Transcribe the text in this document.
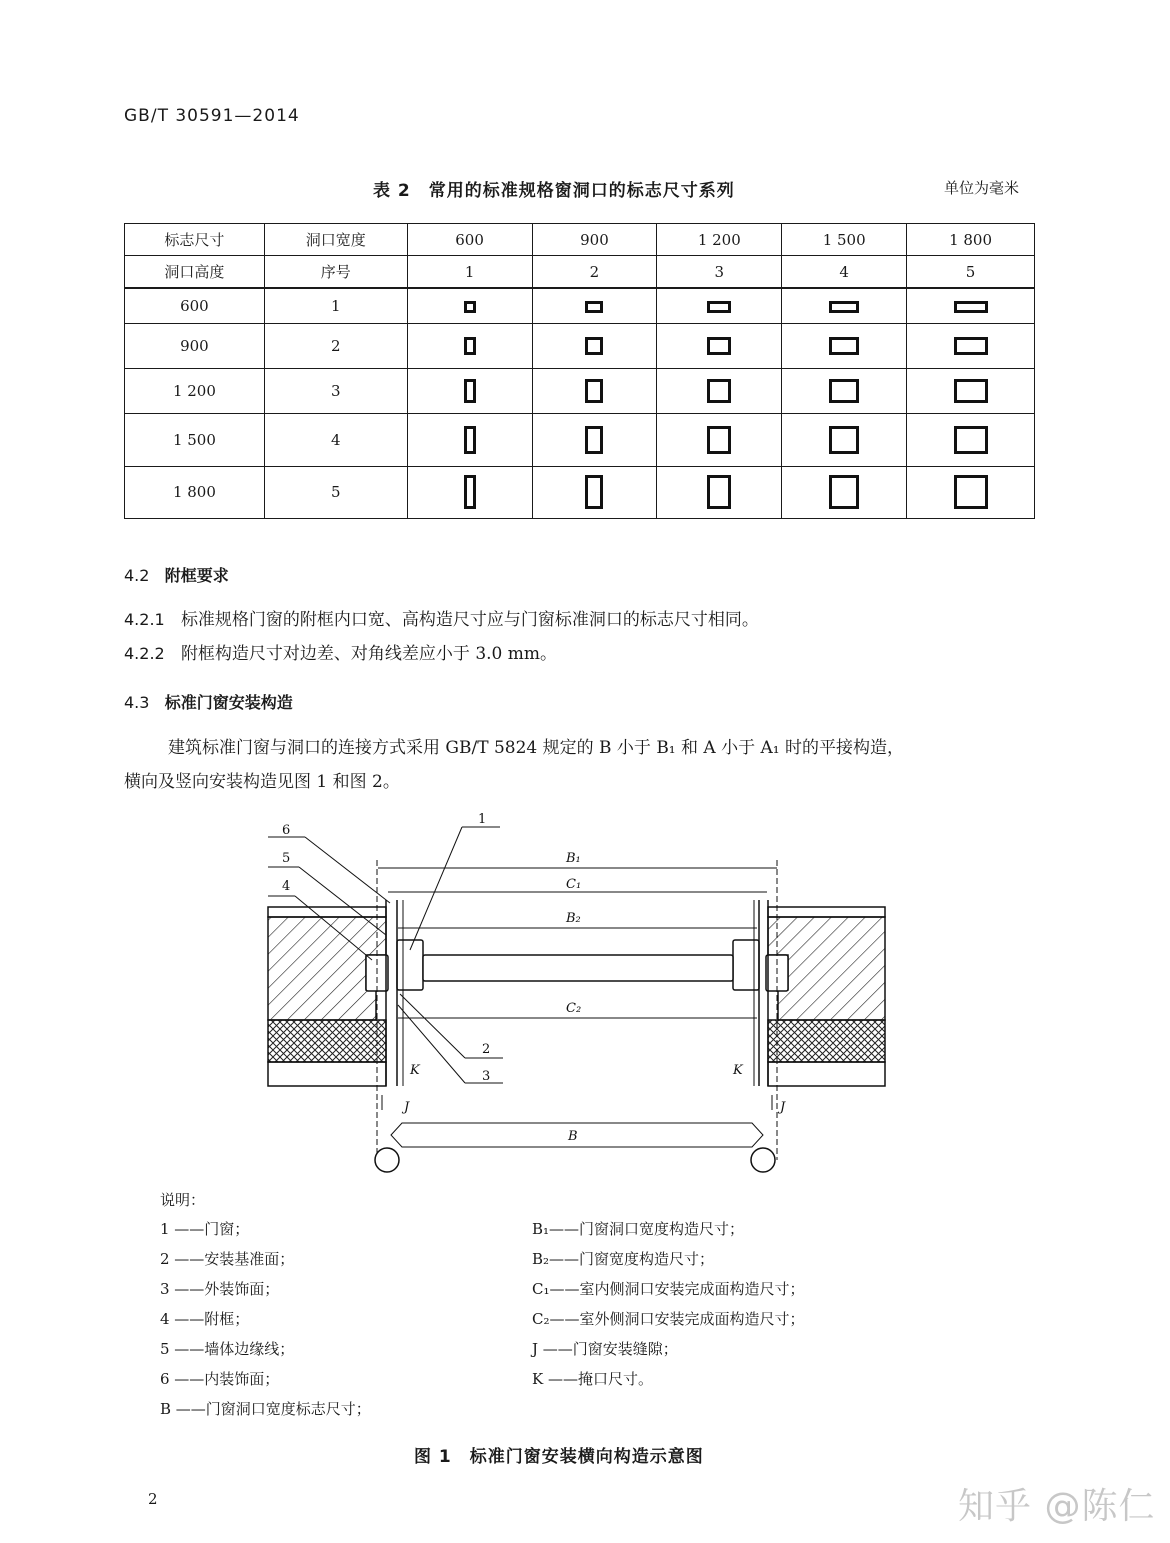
GB/T 30591—2014
表 2　常用的标准规格窗洞口的标志尺寸系列	单位为毫米
标志尺寸	洞口宽度	600	900	1 200	1 500	1 800
洞口高度	序号	1	2	3	4	5
600	1					
900	2					
1 200	3					
1 500	4					
1 800	5					
4.2 附框要求
4.2.1 标准规格门窗的附框内口宽、高构造尺寸应与门窗标准洞口的标志尺寸相同。
4.2.2 附框构造尺寸对边差、对角线差应小于 3.0 mm。
4.3 标准门窗安装构造
建筑标准门窗与洞口的连接方式采用 GB/T 5824 规定的 B 小于 B₁ 和 A 小于 A₁ 时的平接构造，
横向及竖向安装构造见图 1 和图 2。
6
5
4
1
2
3
B₁
C₁
B₂
C₂
K	K
J	J
B
说明：
1 ——门窗；
2 ——安装基准面；
3 ——外装饰面；
4 ——附框；
5 ——墙体边缘线；
6 ——内装饰面；
B ——门窗洞口宽度标志尺寸；
B₁——门窗洞口宽度构造尺寸；
B₂——门窗宽度构造尺寸；
C₁——室内侧洞口安装完成面构造尺寸；
C₂——室外侧洞口安装完成面构造尺寸；
J ——门窗安装缝隙；
K ——掩口尺寸。
图 1　标准门窗安装横向构造示意图
2	知乎 @陈仁
